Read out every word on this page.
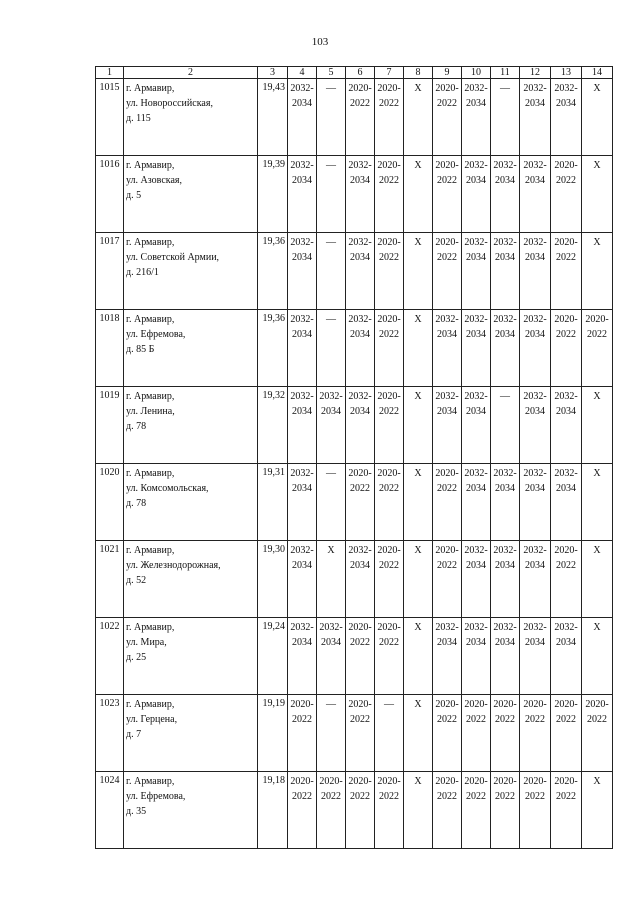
103
1	2	3	4	5	6	7	8	9	10	11	12	13	14
1015	г. Армавир,
ул. Новороссийская,
д. 115	19,43	2032-
2034	—	2020-
2022	2020-
2022	Х	2020-
2022	2032-
2034	—	2032-
2034	2032-
2034	Х

1016	г. Армавир,
ул. Азовская,
д. 5	19,39	2032-
2034	—	2032-
2034	2020-
2022	Х	2020-
2022	2032-
2034	2032-
2034	2032-
2034	2020-
2022	Х

1017	г. Армавир,
ул. Советской Армии,
д. 216/1	19,36	2032-
2034	—	2032-
2034	2020-
2022	Х	2020-
2022	2032-
2034	2032-
2034	2032-
2034	2020-
2022	Х

1018	г. Армавир,
ул. Ефремова,
д. 85 Б	19,36	2032-
2034	—	2032-
2034	2020-
2022	Х	2032-
2034	2032-
2034	2032-
2034	2032-
2034	2020-
2022	2020-
2022

1019	г. Армавир,
ул. Ленина,
д. 78	19,32	2032-
2034	2032-
2034	2032-
2034	2020-
2022	Х	2032-
2034	2032-
2034	—	2032-
2034	2032-
2034	Х

1020	г. Армавир,
ул. Комсомольская,
д. 78	19,31	2032-
2034	—	2020-
2022	2020-
2022	Х	2020-
2022	2032-
2034	2032-
2034	2032-
2034	2032-
2034	Х

1021	г. Армавир,
ул. Железнодорожная,
д. 52	19,30	2032-
2034	Х	2032-
2034	2020-
2022	Х	2020-
2022	2032-
2034	2032-
2034	2032-
2034	2020-
2022	Х

1022	г. Армавир,
ул. Мира,
д. 25	19,24	2032-
2034	2032-
2034	2020-
2022	2020-
2022	Х	2032-
2034	2032-
2034	2032-
2034	2032-
2034	2032-
2034	Х

1023	г. Армавир,
ул. Герцена,
д. 7	19,19	2020-
2022	—	2020-
2022	—	Х	2020-
2022	2020-
2022	2020-
2022	2020-
2022	2020-
2022	2020-
2022

1024	г. Армавир,
ул. Ефремова,
д. 35	19,18	2020-
2022	2020-
2022	2020-
2022	2020-
2022	Х	2020-
2022	2020-
2022	2020-
2022	2020-
2022	2020-
2022	Х
